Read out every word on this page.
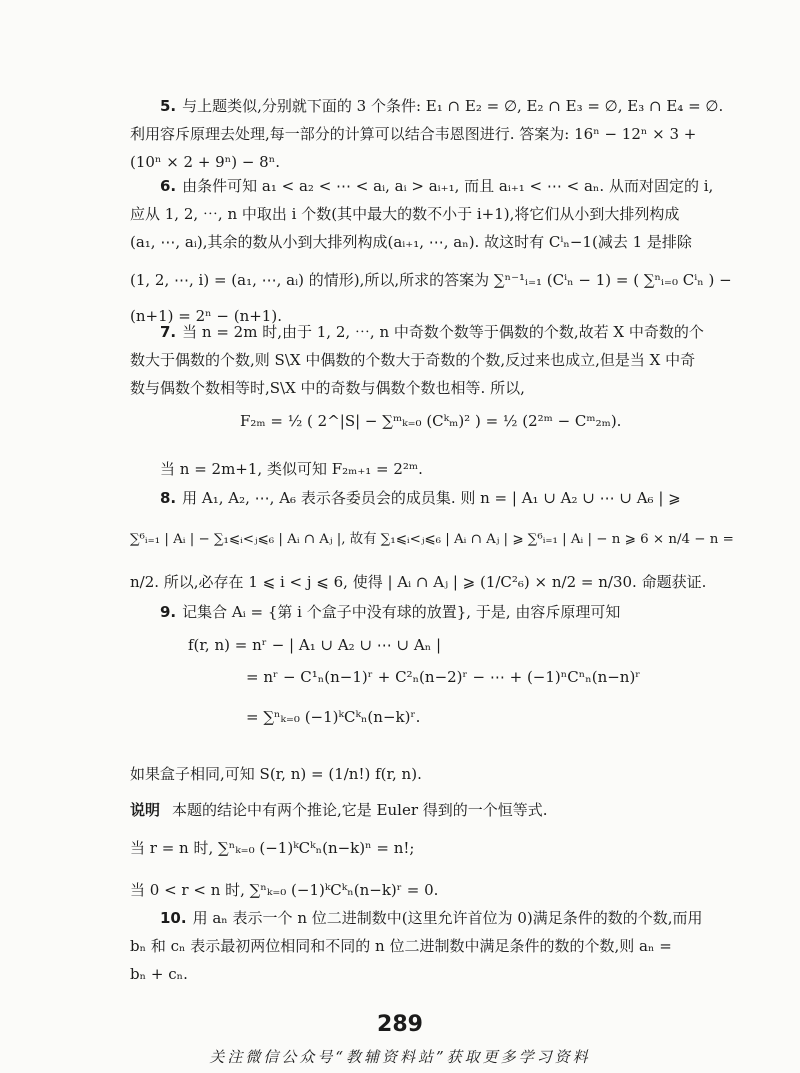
5. 与上题类似,分别就下面的 3 个条件: E₁ ∩ E₂ = ∅, E₂ ∩ E₃ = ∅, E₃ ∩ E₄ = ∅.
利用容斥原理去处理,每一部分的计算可以结合韦恩图进行. 答案为: 16ⁿ − 12ⁿ × 3 +
(10ⁿ × 2 + 9ⁿ) − 8ⁿ.
6. 由条件可知 a₁ < a₂ < ⋯ < aᵢ, aᵢ > aᵢ₊₁, 而且 aᵢ₊₁ < ⋯ < aₙ. 从而对固定的 i,
应从 1, 2, ⋯, n 中取出 i 个数(其中最大的数不小于 i+1),将它们从小到大排列构成
(a₁, ⋯, aᵢ),其余的数从小到大排列构成(aᵢ₊₁, ⋯, aₙ). 故这时有 Cⁱₙ−1(减去 1 是排除
(1, 2, ⋯, i) = (a₁, ⋯, aᵢ) 的情形),所以,所求的答案为 ∑ⁿ⁻¹ᵢ₌₁ (Cⁱₙ − 1) = ( ∑ⁿᵢ₌₀ Cⁱₙ ) −
(n+1) = 2ⁿ − (n+1).
7. 当 n = 2m 时,由于 1, 2, ⋯, n 中奇数个数等于偶数的个数,故若 X 中奇数的个
数大于偶数的个数,则 S\X 中偶数的个数大于奇数的个数,反过来也成立,但是当 X 中奇
数与偶数个数相等时,S\X 中的奇数与偶数个数也相等. 所以,
F₂ₘ = ½ ( 2^|S| − ∑ᵐₖ₌₀ (Cᵏₘ)² ) = ½ (2²ᵐ − Cᵐ₂ₘ).
当 n = 2m+1, 类似可知 F₂ₘ₊₁ = 2²ᵐ.
8. 用 A₁, A₂, ⋯, A₆ 表示各委员会的成员集. 则 n = | A₁ ∪ A₂ ∪ ⋯ ∪ A₆ | ⩾
∑⁶ᵢ₌₁ | Aᵢ | − ∑₁⩽ᵢ<ⱼ⩽₆ | Aᵢ ∩ Aⱼ |, 故有 ∑₁⩽ᵢ<ⱼ⩽₆ | Aᵢ ∩ Aⱼ | ⩾ ∑⁶ᵢ₌₁ | Aᵢ | − n ⩾ 6 × n/4 − n =
n/2. 所以,必存在 1 ⩽ i < j ⩽ 6, 使得 | Aᵢ ∩ Aⱼ | ⩾ (1/C²₆) × n/2 = n/30. 命题获证.
9. 记集合 Aᵢ = {第 i 个盒子中没有球的放置}, 于是, 由容斥原理可知
f(r, n) = nʳ − | A₁ ∪ A₂ ∪ ⋯ ∪ Aₙ |
= nʳ − C¹ₙ(n−1)ʳ + C²ₙ(n−2)ʳ − ⋯ + (−1)ⁿCⁿₙ(n−n)ʳ
= ∑ⁿₖ₌₀ (−1)ᵏCᵏₙ(n−k)ʳ.
如果盒子相同,可知 S(r, n) = (1/n!) f(r, n).
说明 本题的结论中有两个推论,它是 Euler 得到的一个恒等式.
当 r = n 时, ∑ⁿₖ₌₀ (−1)ᵏCᵏₙ(n−k)ⁿ = n!;
当 0 < r < n 时, ∑ⁿₖ₌₀ (−1)ᵏCᵏₙ(n−k)ʳ = 0.
10. 用 aₙ 表示一个 n 位二进制数中(这里允许首位为 0)满足条件的数的个数,而用
bₙ 和 cₙ 表示最初两位相同和不同的 n 位二进制数中满足条件的数的个数,则 aₙ =
bₙ + cₙ.
289
关注微信公众号“教辅资料站”获取更多学习资料
